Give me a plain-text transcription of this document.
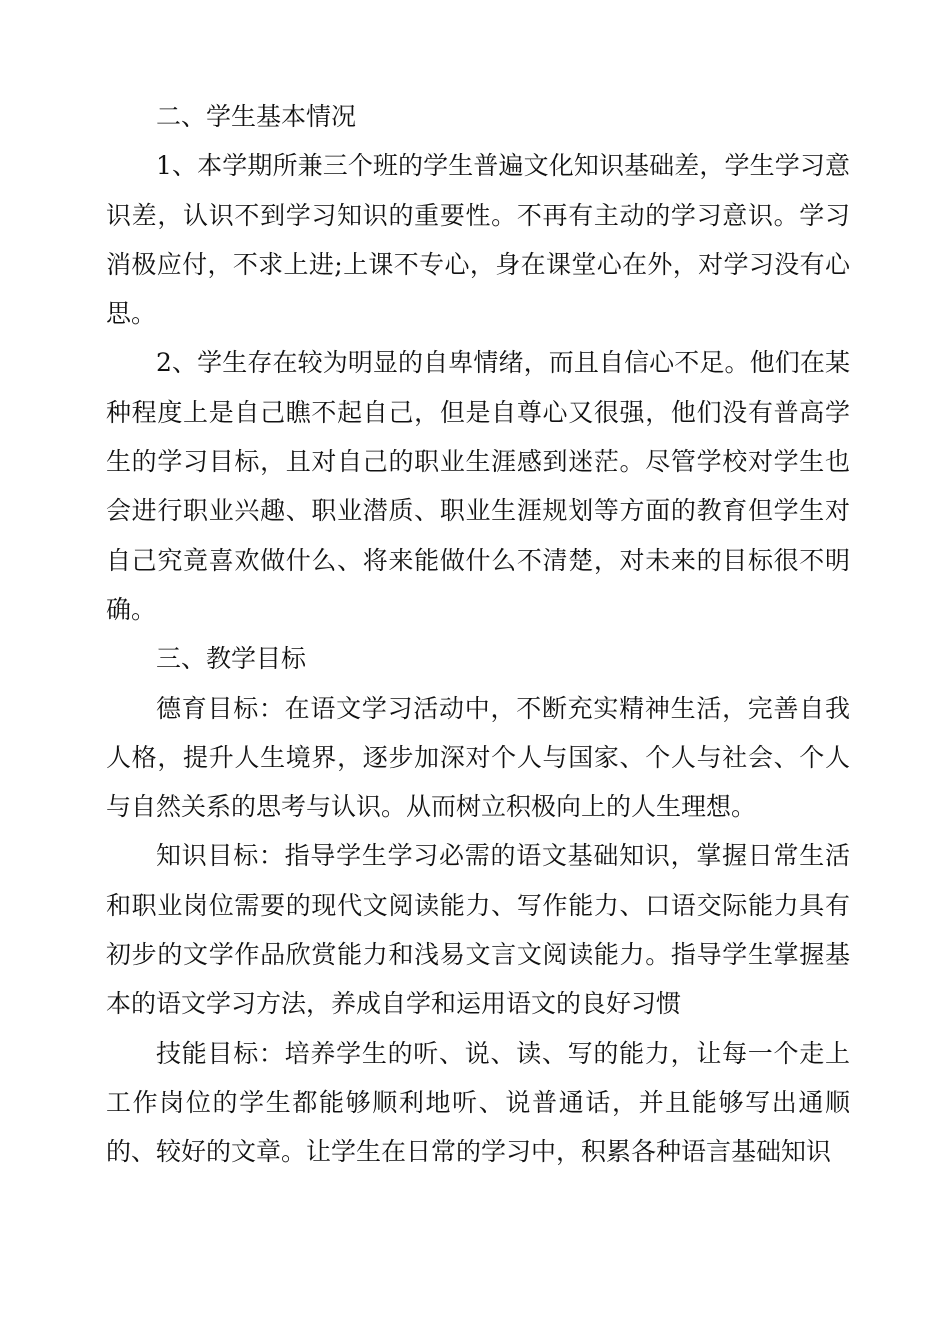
二、学生基本情况

1、本学期所兼三个班的学生普遍文化知识基础差，学生学习意识差，认识不到学习知识的重要性。不再有主动的学习意识。学习消极应付，不求上进;上课不专心，身在课堂心在外，对学习没有心思。

2、学生存在较为明显的自卑情绪，而且自信心不足。他们在某种程度上是自己瞧不起自己，但是自尊心又很强，他们没有普高学生的学习目标，且对自己的职业生涯感到迷茫。尽管学校对学生也会进行职业兴趣、职业潜质、职业生涯规划等方面的教育但学生对自己究竟喜欢做什么、将来能做什么不清楚，对未来的目标很不明确。

三、教学目标

德育目标：在语文学习活动中，不断充实精神生活，完善自我人格，提升人生境界，逐步加深对个人与国家、个人与社会、个人与自然关系的思考与认识。从而树立积极向上的人生理想。

知识目标：指导学生学习必需的语文基础知识，掌握日常生活和职业岗位需要的现代文阅读能力、写作能力、口语交际能力具有初步的文学作品欣赏能力和浅易文言文阅读能力。指导学生掌握基本的语文学习方法，养成自学和运用语文的良好习惯

技能目标：培养学生的听、说、读、写的能力，让每一个走上工作岗位的学生都能够顺利地听、说普通话，并且能够写出通顺的、较好的文章。让学生在日常的学习中，积累各种语言基础知识
